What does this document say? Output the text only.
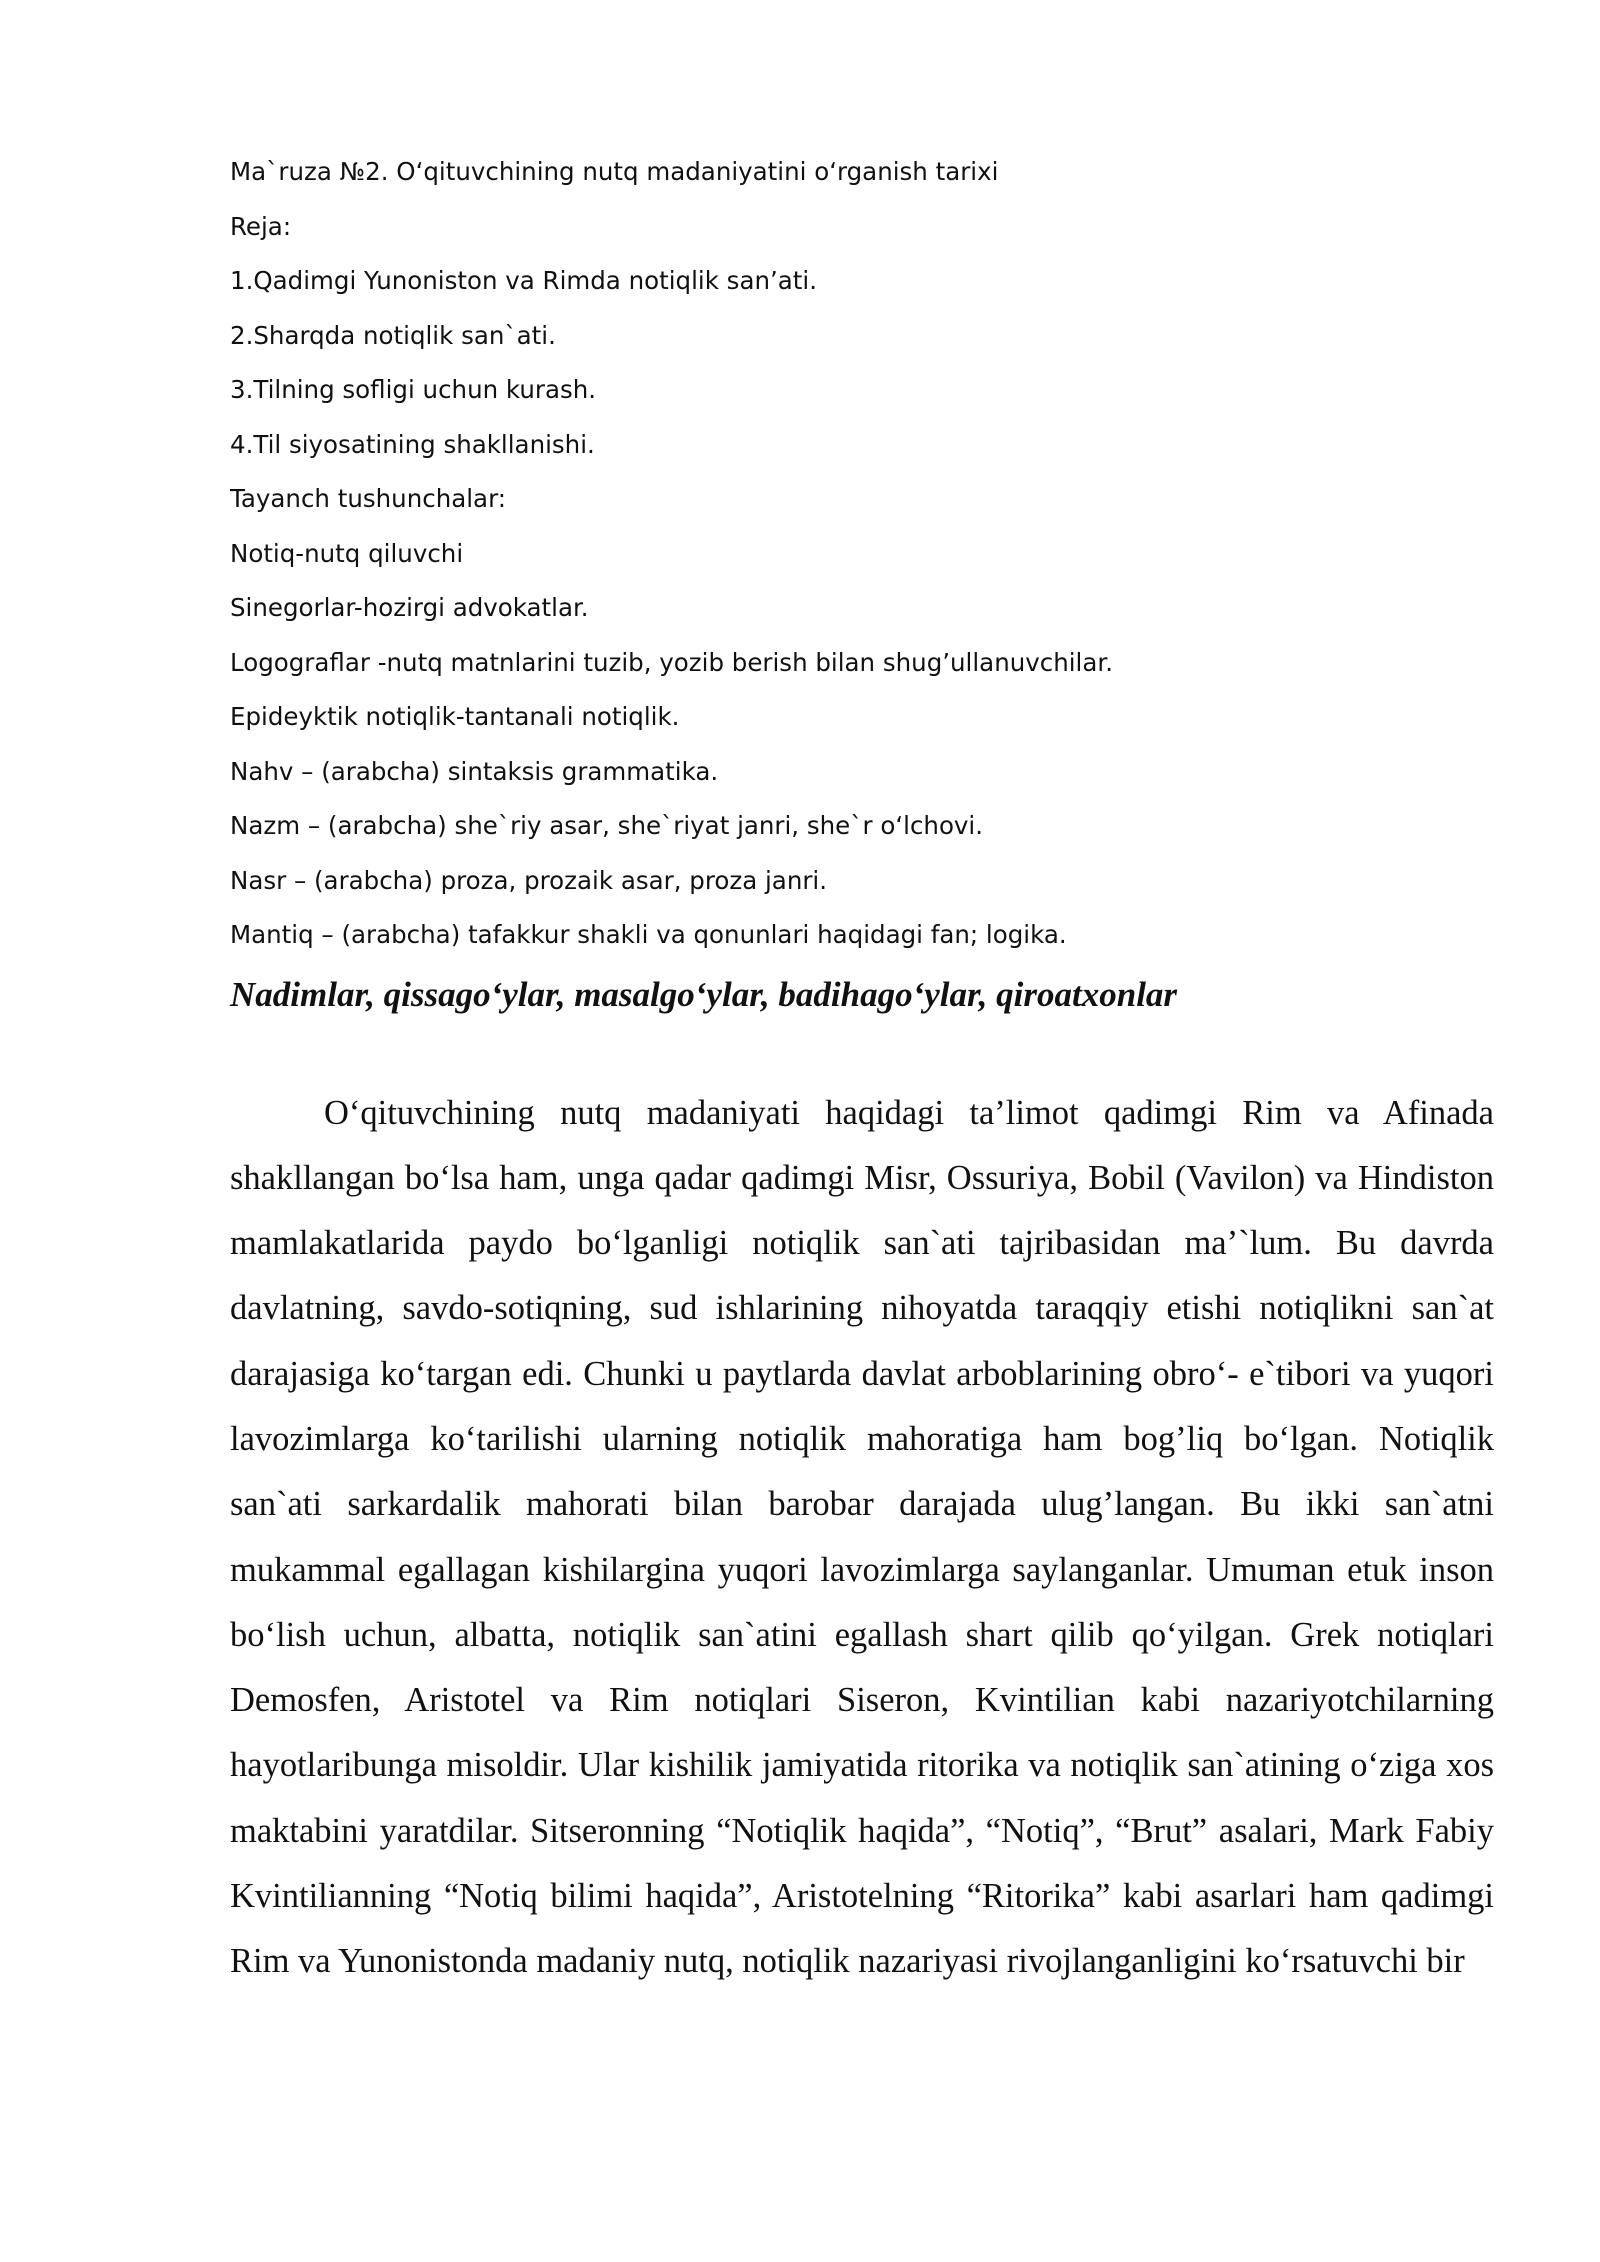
Ma`ruza №2. O‘qituvchining nutq madaniyatini o‘rganish tarixi
Reja:
1.Qadimgi Yunoniston va Rimda notiqlik san’ati.
2.Sharqda notiqlik san`ati.
3.Tilning sofligi uchun kurash.
4.Til siyosatining shakllanishi.
Tayanch tushunchalar:
Notiq-nutq qiluvchi
Sinegorlar-hozirgi advokatlar.
Logograflar -nutq matnlarini tuzib, yozib berish bilan shug’ullanuvchilar.
Epideyktik notiqlik-tantanali notiqlik.
Nahv – (arabcha) sintaksis grammatika.
Nazm – (arabcha) she`riy asar, she`riyat janri, she`r o‘lchovi.
Nasr – (arabcha) proza, prozaik asar, proza janri.
Mantiq – (arabcha) tafakkur shakli va qonunlari haqidagi fan; logika.
Nadimlar, qissago‘ylar, masalgo‘ylar, badihago‘ylar, qiroatxonlar

O‘qituvchining nutq madaniyati haqidagi ta’limot qadimgi Rim va Afinada shakllangan bo‘lsa ham, unga qadar qadimgi Misr, Ossuriya, Bobil (Vavilon) va Hindiston mamlakatlarida paydo bo‘lganligi notiqlik san`ati tajribasidan ma’`lum. Bu davrda davlatning, savdo-sotiqning, sud ishlarining nihoyatda taraqqiy etishi notiqlikni san`at darajasiga ko‘targan edi. Chunki u paytlarda davlat arboblarining obro‘- e`tibori va yuqori lavozimlarga ko‘tarilishi ularning notiqlik mahoratiga ham bog’liq bo‘lgan. Notiqlik san`ati sarkardalik mahorati bilan barobar darajada ulug’langan. Bu ikki san`atni mukammal egallagan kishilargina yuqori lavozimlarga saylanganlar. Umuman etuk inson bo‘lish uchun, albatta, notiqlik san`atini egallash shart qilib qo‘yilgan. Grek notiqlari Demosfen, Aristotel va Rim notiqlari Siseron, Kvintilian kabi nazariyotchilarning hayotlaribunga misoldir. Ular kishilik jamiyatida ritorika va notiqlik san`atining o‘ziga xos maktabini yaratdilar. Sitseronning “Notiqlik haqida”, “Notiq”, “Brut” asalari, Mark Fabiy Kvintilianning “Notiq bilimi haqida”, Aristotelning “Ritorika” kabi asarlari ham qadimgi Rim va Yunonistonda madaniy nutq, notiqlik nazariyasi rivojlanganligini ko‘rsatuvchi bir
